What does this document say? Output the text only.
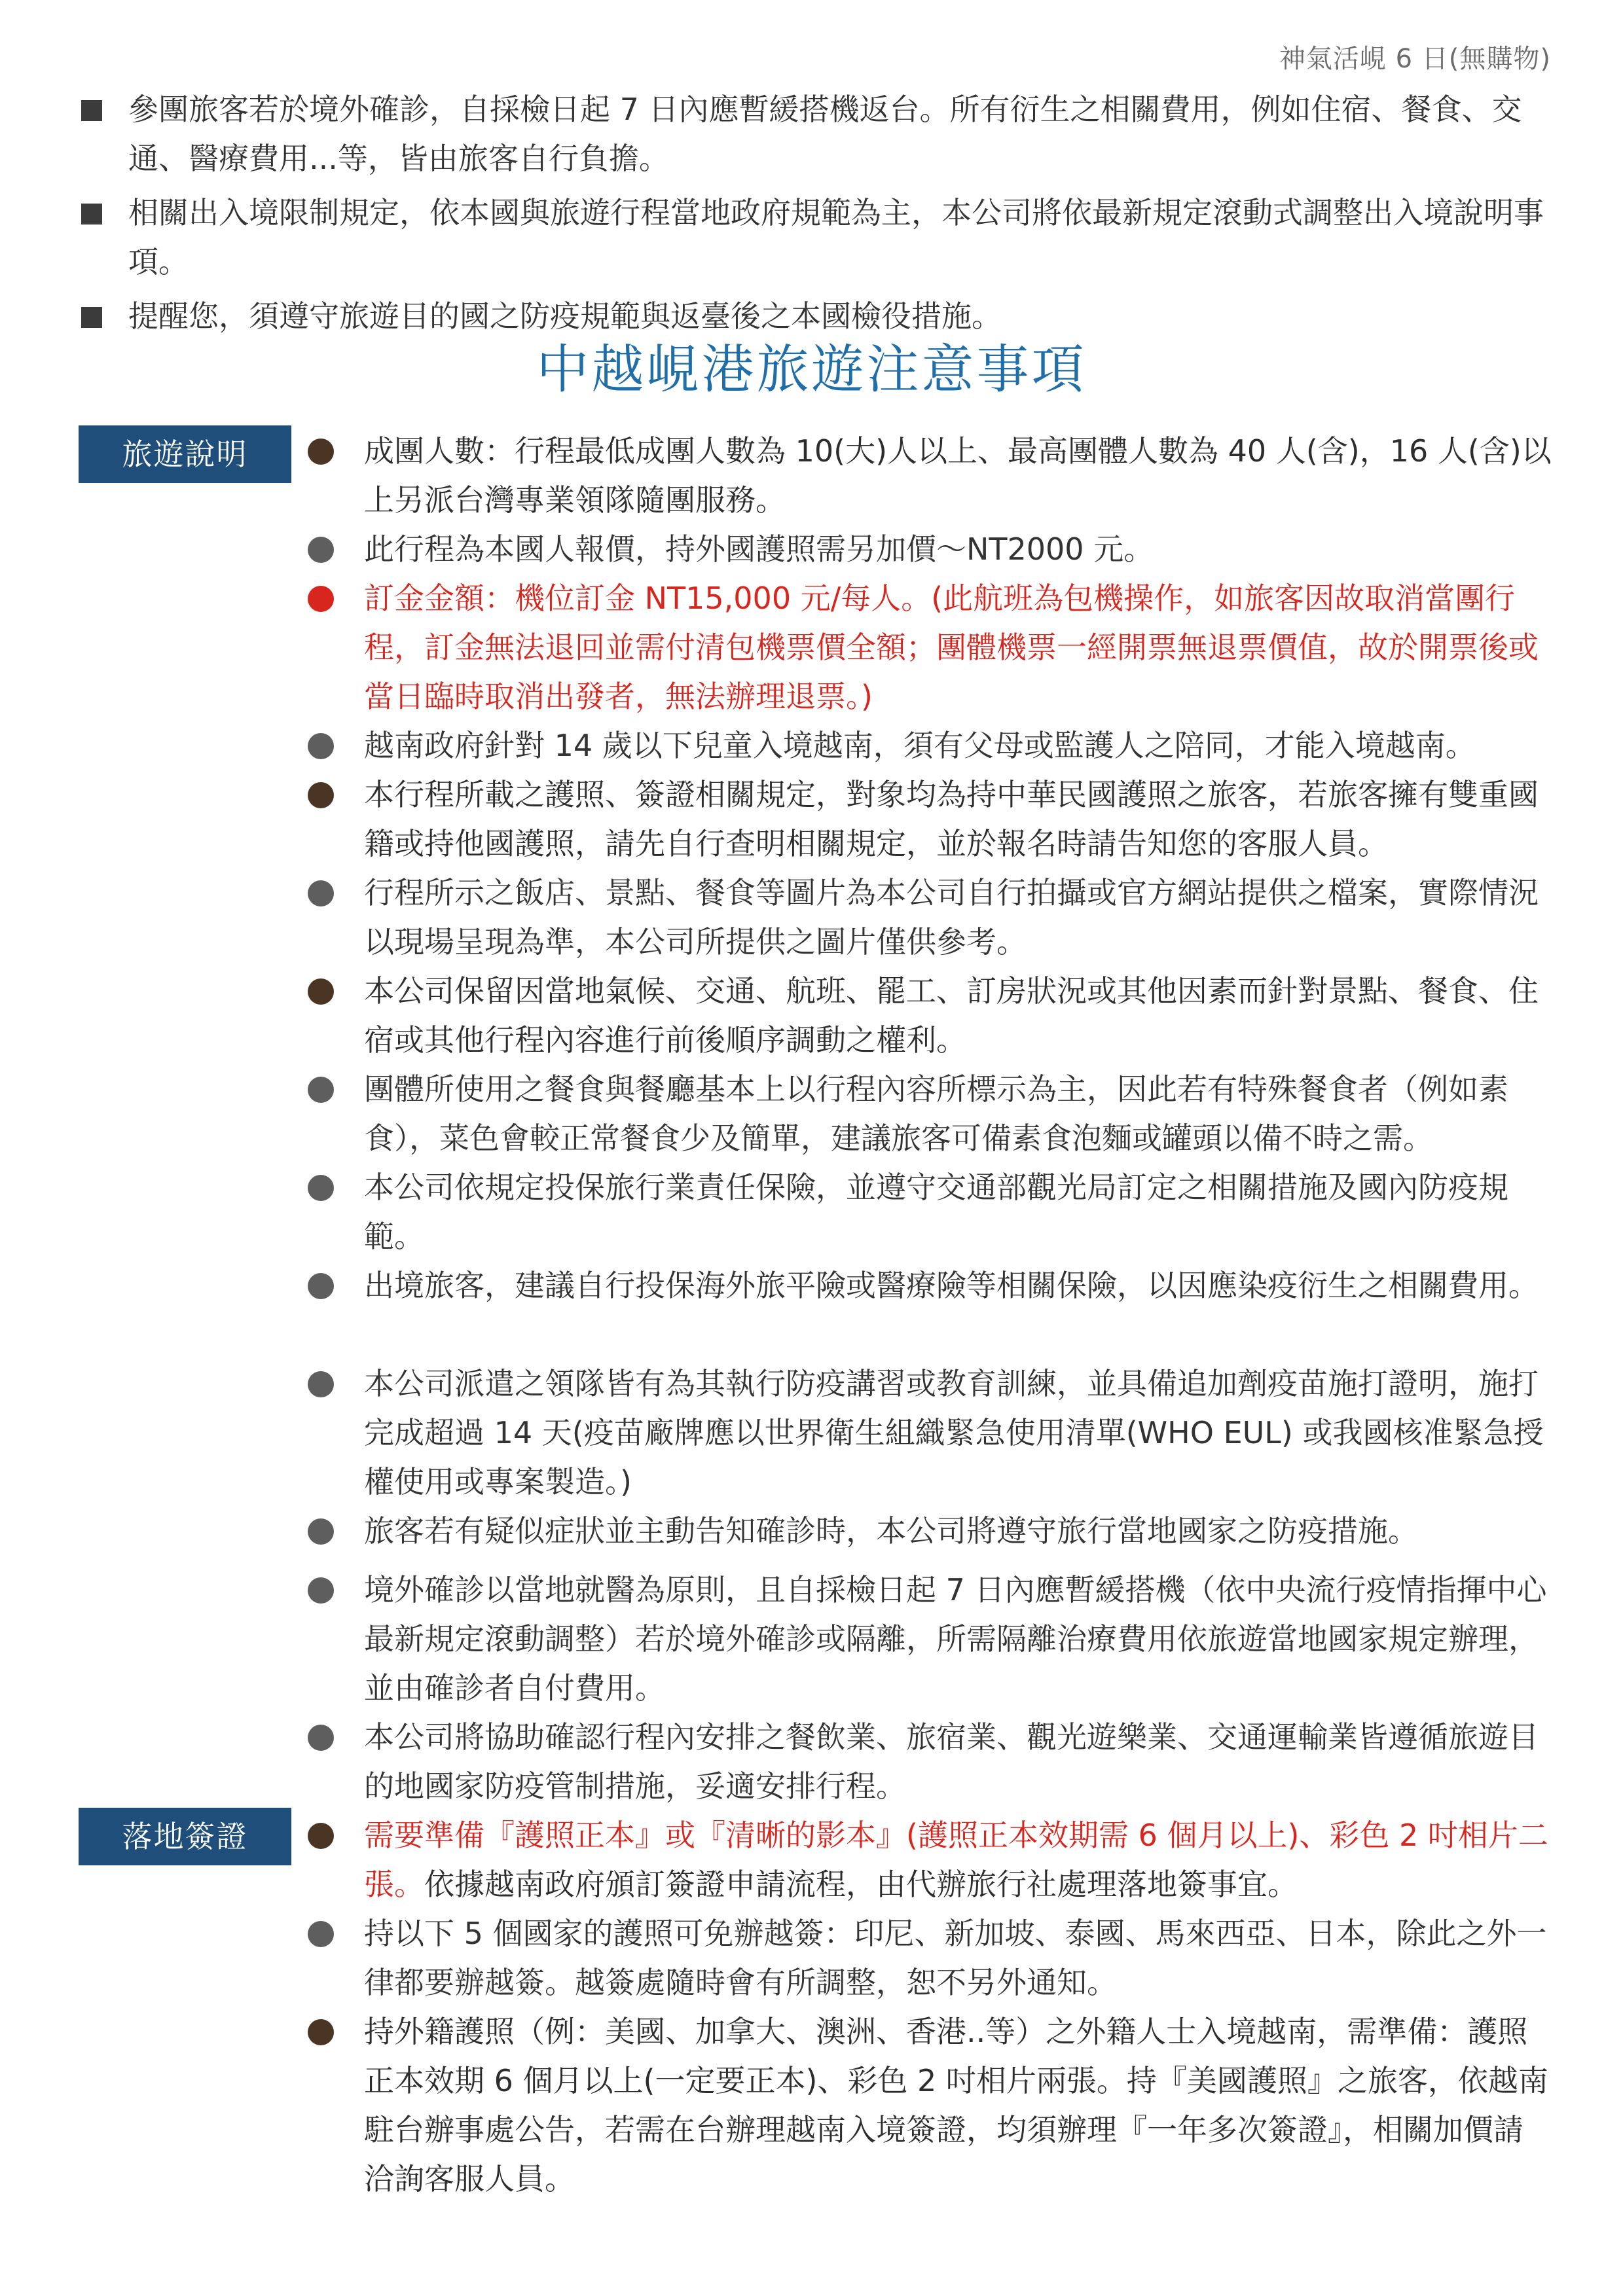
神氣活峴 6 日(無購物)
參團旅客若於境外確診，自採檢日起 7 日內應暫緩搭機返台。所有衍生之相關費用，例如住宿、餐食、交通、醫療費用...等，皆由旅客自行負擔。
相關出入境限制規定，依本國與旅遊行程當地政府規範為主，本公司將依最新規定滾動式調整出入境說明事項。
提醒您，須遵守旅遊目的國之防疫規範與返臺後之本國檢役措施。
中越峴港旅遊注意事項
旅遊說明	成團人數：行程最低成團人數為 10(大)人以上、最高團體人數為 40 人(含)，16 人(含)以上另派台灣專業領隊隨團服務。
此行程為本國人報價，持外國護照需另加價～NT2000 元。
訂金金額：機位訂金 NT15,000 元/每人。(此航班為包機操作，如旅客因故取消當團行程，訂金無法退回並需付清包機票價全額；團體機票一經開票無退票價值，故於開票後或當日臨時取消出發者，無法辦理退票。)
越南政府針對 14 歲以下兒童入境越南，須有父母或監護人之陪同，才能入境越南。
本行程所載之護照、簽證相關規定，對象均為持中華民國護照之旅客，若旅客擁有雙重國籍或持他國護照，請先自行查明相關規定，並於報名時請告知您的客服人員。
行程所示之飯店、景點、餐食等圖片為本公司自行拍攝或官方網站提供之檔案，實際情況以現場呈現為準，本公司所提供之圖片僅供參考。
本公司保留因當地氣候、交通、航班、罷工、訂房狀況或其他因素而針對景點、餐食、住宿或其他行程內容進行前後順序調動之權利。
團體所使用之餐食與餐廳基本上以行程內容所標示為主，因此若有特殊餐食者（例如素食），菜色會較正常餐食少及簡單，建議旅客可備素食泡麵或罐頭以備不時之需。
本公司依規定投保旅行業責任保險，並遵守交通部觀光局訂定之相關措施及國內防疫規範。
出境旅客，建議自行投保海外旅平險或醫療險等相關保險，以因應染疫衍生之相關費用。
本公司派遣之領隊皆有為其執行防疫講習或教育訓練，並具備追加劑疫苗施打證明，施打完成超過 14 天(疫苗廠牌應以世界衛生組織緊急使用清單(WHO EUL) 或我國核准緊急授權使用或專案製造。)
旅客若有疑似症狀並主動告知確診時，本公司將遵守旅行當地國家之防疫措施。
境外確診以當地就醫為原則，且自採檢日起 7 日內應暫緩搭機（依中央流行疫情指揮中心最新規定滾動調整）若於境外確診或隔離，所需隔離治療費用依旅遊當地國家規定辦理，並由確診者自付費用。
本公司將協助確認行程內安排之餐飲業、旅宿業、觀光遊樂業、交通運輸業皆遵循旅遊目的地國家防疫管制措施，妥適安排行程。
落地簽證	需要準備『護照正本』或『清晰的影本』(護照正本效期需 6 個月以上)、彩色 2 吋相片二張。依據越南政府頒訂簽證申請流程，由代辦旅行社處理落地簽事宜。
持以下 5 個國家的護照可免辦越簽：印尼、新加坡、泰國、馬來西亞、日本，除此之外一律都要辦越簽。越簽處隨時會有所調整，恕不另外通知。
持外籍護照（例：美國、加拿大、澳洲、香港..等）之外籍人士入境越南，需準備：護照正本效期 6 個月以上(一定要正本)、彩色 2 吋相片兩張。持『美國護照』之旅客，依越南駐台辦事處公告，若需在台辦理越南入境簽證，均須辦理『一年多次簽證』，相關加價請洽詢客服人員。
